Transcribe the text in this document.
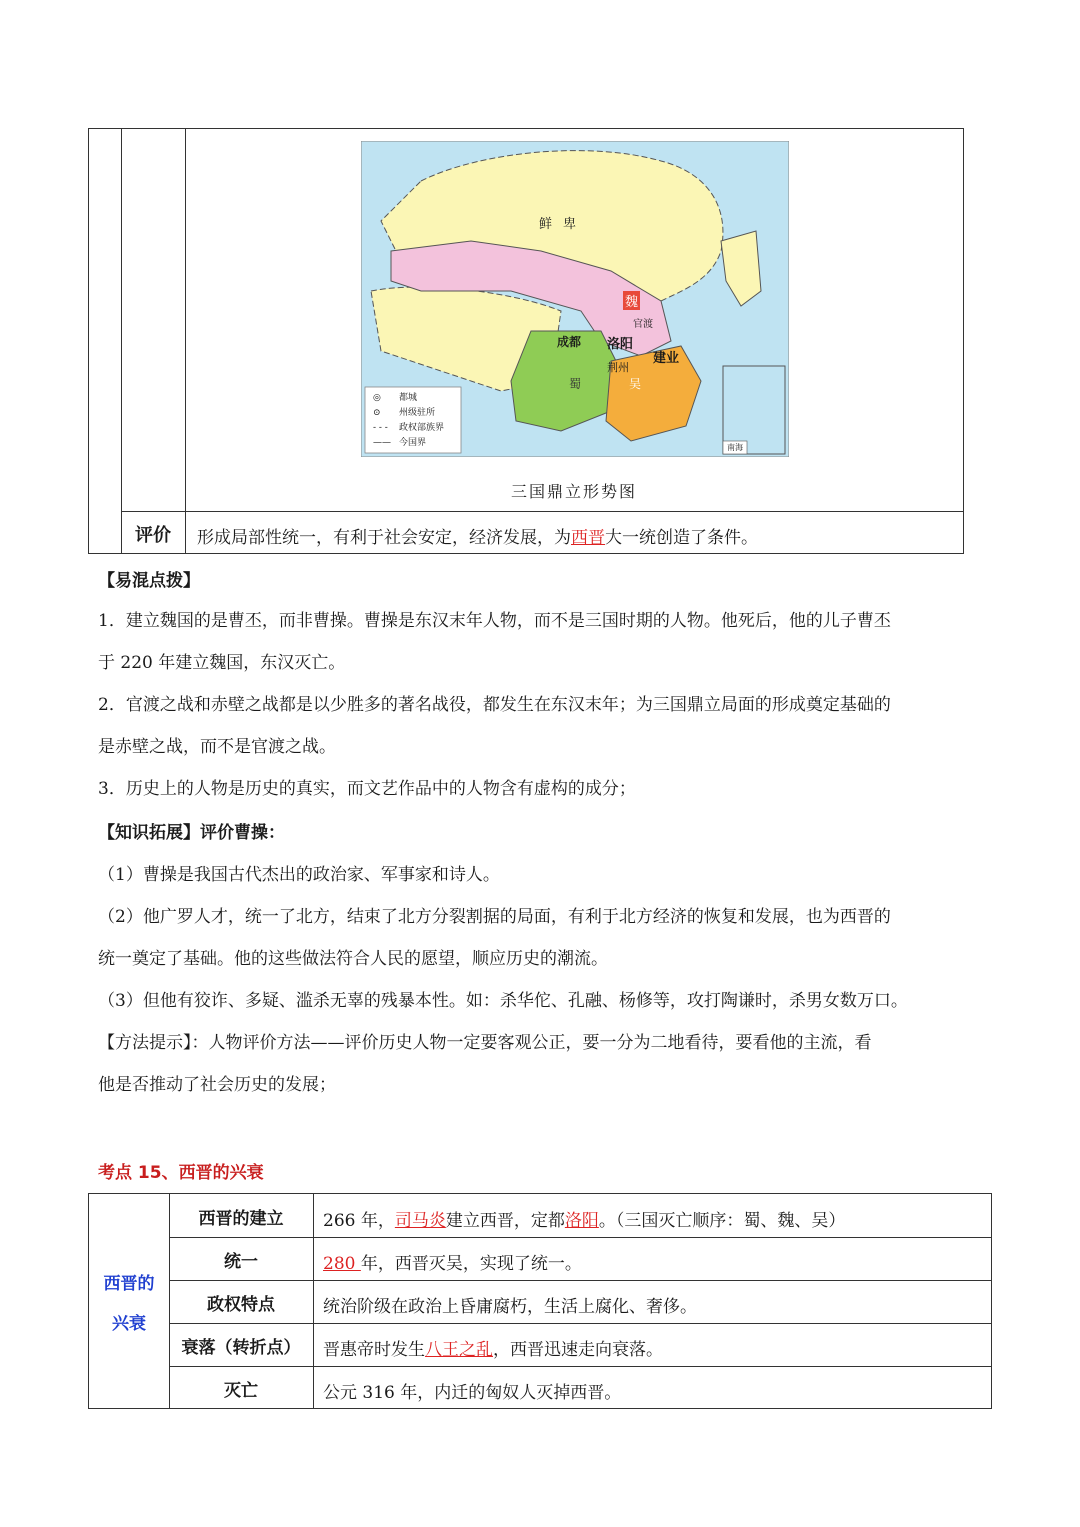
鲜 卑
魏
蜀	吴
洛阳
成都
建业
官渡
荆州
◎ 都城
⊙ 州级驻所
- - - 政权部族界
—— 今国界	南海
三国鼎立形势图
评价	形成局部性统一，有利于社会安定，经济发展，为西晋大一统创造了条件。
【易混点拨】
1．建立魏国的是曹丕，而非曹操。曹操是东汉末年人物，而不是三国时期的人物。他死后，他的儿子曹丕
于 220 年建立魏国，东汉灭亡。
2．官渡之战和赤壁之战都是以少胜多的著名战役，都发生在东汉末年；为三国鼎立局面的形成奠定基础的
是赤壁之战，而不是官渡之战。
3．历史上的人物是历史的真实，而文艺作品中的人物含有虚构的成分；
【知识拓展】评价曹操：
（1）曹操是我国古代杰出的政治家、军事家和诗人。
（2）他广罗人才，统一了北方，结束了北方分裂割据的局面，有利于北方经济的恢复和发展，也为西晋的
统一奠定了基础。他的这些做法符合人民的愿望，顺应历史的潮流。
（3）但他有狡诈、多疑、滥杀无辜的残暴本性。如：杀华佗、孔融、杨修等，攻打陶谦时，杀男女数万口。
【方法提示】：人物评价方法——评价历史人物一定要客观公正，要一分为二地看待，要看他的主流，看
他是否推动了社会历史的发展；
考点 15、西晋的兴衰
西晋的
兴衰
西晋的建立	266 年，司马炎建立西晋，定都洛阳。（三国灭亡顺序：蜀、魏、吴）
统一	280 年，西晋灭吴，实现了统一。
政权特点	统治阶级在政治上昏庸腐朽，生活上腐化、奢侈。
衰落（转折点）	晋惠帝时发生八王之乱，西晋迅速走向衰落。
灭亡	公元 316 年，内迁的匈奴人灭掉西晋。
